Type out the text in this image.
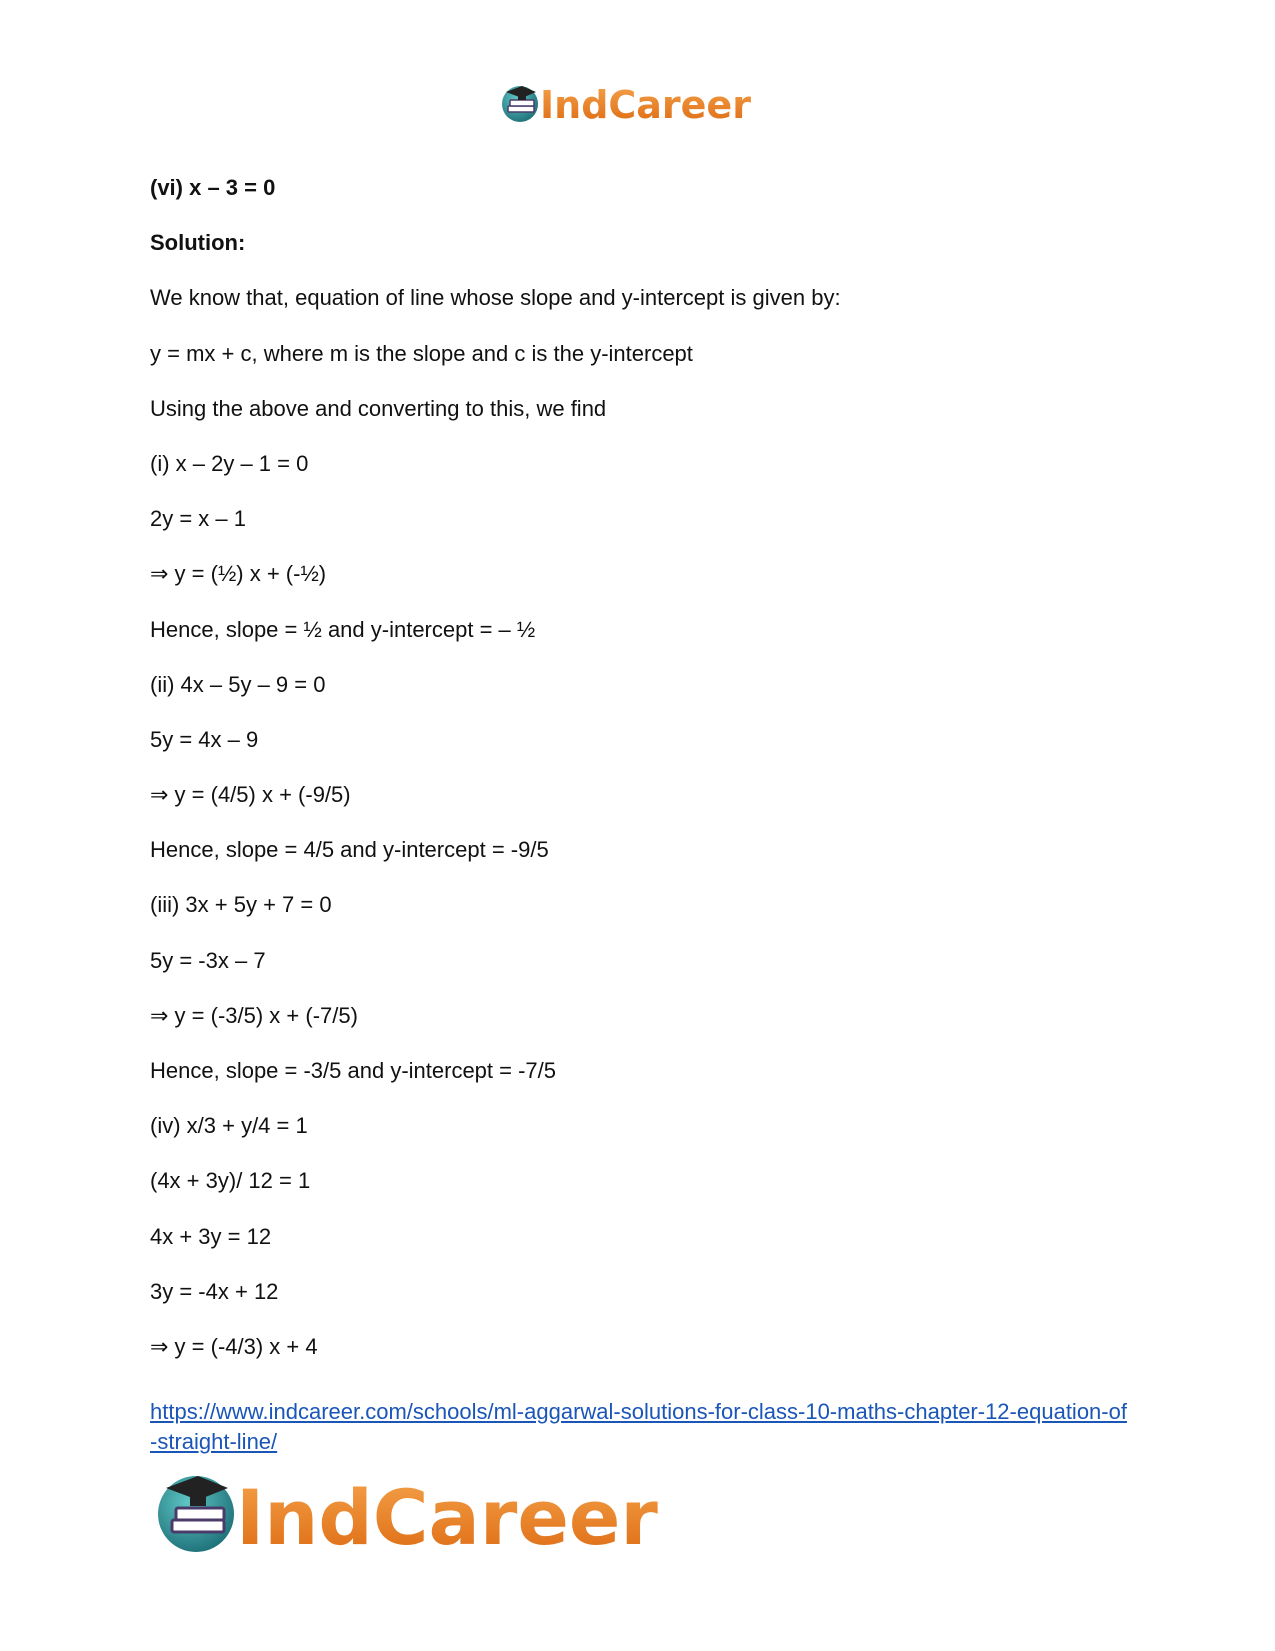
IndCareer
(vi) x – 3 = 0
Solution:
We know that, equation of line whose slope and y-intercept is given by:
y = mx + c, where m is the slope and c is the y-intercept
Using the above and converting to this, we find
(i) x – 2y – 1 = 0
2y = x – 1
⇒ y = (½) x + (-½)
Hence, slope = ½ and y-intercept = – ½
(ii) 4x – 5y – 9 = 0
5y = 4x – 9
⇒ y = (4/5) x + (-9/5)
Hence, slope = 4/5 and y-intercept = -9/5
(iii) 3x + 5y + 7 = 0
5y = -3x – 7
⇒ y = (-3/5) x + (-7/5)
Hence, slope = -3/5 and y-intercept = -7/5
(iv) x/3 + y/4 = 1
(4x + 3y)/ 12 = 1
4x + 3y = 12
3y = -4x + 12
⇒ y = (-4/3) x + 4
https://www.indcareer.com/schools/ml-aggarwal-solutions-for-class-10-maths-chapter-12-equation-of-straight-line/
IndCareer
